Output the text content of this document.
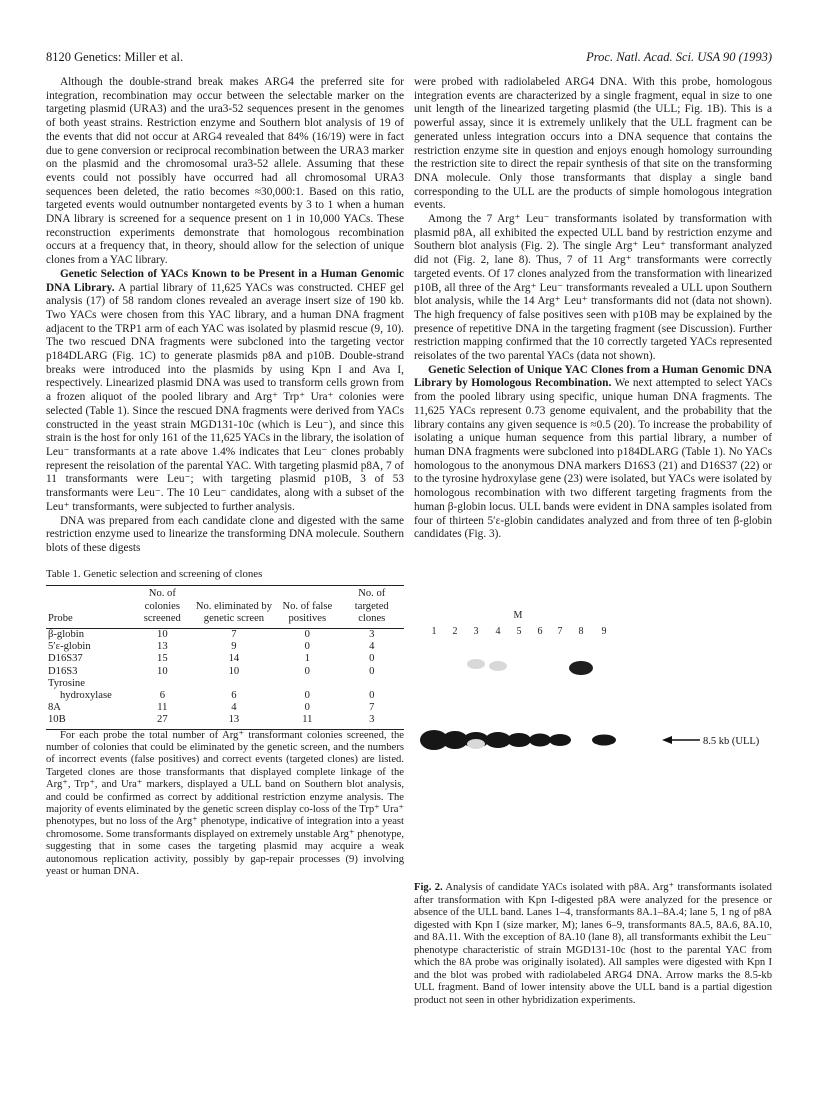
8120 Genetics: Miller et al.	Proc. Natl. Acad. Sci. USA 90 (1993)

Although the double-strand break makes ARG4 the preferred site for integration, recombination may occur between the selectable marker on the targeting plasmid (URA3) and the ura3-52 sequences present in the genomes of both yeast strains. Restriction enzyme and Southern blot analysis of 19 of the events that did not occur at ARG4 revealed that 84% (16/19) were in fact due to gene conversion or reciprocal recombination between the URA3 marker on the plasmid and the chromosomal ura3-52 allele. Assuming that these events could not possibly have occurred had all chromosomal URA3 sequences been deleted, the ratio becomes ≈30,000:1. Based on this ratio, targeted events would outnumber nontargeted events by 3 to 1 when a human DNA library is screened for a sequence present on 1 in 10,000 YACs. These reconstruction experiments demonstrate that homologous recombination occurs at a frequency that, in theory, should allow for the selection of unique clones from a YAC library.

Genetic Selection of YACs Known to be Present in a Human Genomic DNA Library. A partial library of 11,625 YACs was constructed. CHEF gel analysis (17) of 58 random clones revealed an average insert size of 190 kb. Two YACs were chosen from this YAC library, and a human DNA fragment adjacent to the TRP1 arm of each YAC was isolated by plasmid rescue (9, 10). The two rescued DNA fragments were subcloned into the targeting vector p184DLARG (Fig. 1C) to generate plasmids p8A and p10B. Double-strand breaks were introduced into the plasmids by using Kpn I and Ava I, respectively. Linearized plasmid DNA was used to transform cells grown from a frozen aliquot of the pooled library and Arg⁺ Trp⁺ Ura⁺ colonies were selected (Table 1). Since the rescued DNA fragments were derived from YACs constructed in the yeast strain MGD131-10c (which is Leu⁻), and since this strain is the host for only 161 of the 11,625 YACs in the library, the isolation of Leu⁻ transformants at a rate above 1.4% indicates that Leu⁻ clones probably represent the reisolation of the parental YAC. With targeting plasmid p8A, 7 of 11 transformants were Leu⁻; with targeting plasmid p10B, 3 of 53 transformants were Leu⁻. The 10 Leu⁻ candidates, along with a subset of the Leu⁺ transformants, were subjected to further analysis.

DNA was prepared from each candidate clone and digested with the same restriction enzyme used to linearize the transforming DNA molecule. Southern blots of these digests

Table 1. Genetic selection and screening of clones
Probe	No. of colonies screened	No. eliminated by genetic screen	No. of false positives	No. of targeted clones
β-globin	10	7	0	3
5′ε-globin	13	9	0	4
D16S37	15	14	1	0
D16S3	10	10	0	0
Tyrosine				
hydroxylase	6	6	0	0
8A	11	4	0	7
10B	27	13	11	3

For each probe the total number of Arg⁺ transformant colonies screened, the number of colonies that could be eliminated by the genetic screen, and the numbers of incorrect events (false positives) and correct events (targeted clones) are listed. Targeted clones are those transformants that displayed complete linkage of the Arg⁺, Trp⁺, and Ura⁺ markers, displayed a ULL band on Southern blot analysis, and could be confirmed as correct by additional restriction enzyme analysis. The majority of events eliminated by the genetic screen display co-loss of the Trp⁺ Ura⁺ phenotypes, but no loss of the Arg⁺ phenotype, indicative of integration into a yeast chromosome. Some transformants displayed on extremely unstable Arg⁺ phenotype, suggesting that in some cases the targeting plasmid may acquire a weak autonomous replication activity, possibly by gap-repair processes (9) involving yeast or human DNA.

were probed with radiolabeled ARG4 DNA. With this probe, homologous integration events are characterized by a single fragment, equal in size to one unit length of the linearized targeting plasmid (the ULL; Fig. 1B). This is a powerful assay, since it is extremely unlikely that the ULL fragment can be generated unless integration occurs into a DNA sequence that contains the restriction enzyme site in question and enjoys enough homology surrounding the restriction site to direct the repair synthesis of that site on the transforming DNA molecule. Only those transformants that display a single band corresponding to the ULL are the products of simple homologous integration events.

Among the 7 Arg⁺ Leu⁻ transformants isolated by transformation with plasmid p8A, all exhibited the expected ULL band by restriction enzyme and Southern blot analysis (Fig. 2). The single Arg⁺ Leu⁺ transformant analyzed did not (Fig. 2, lane 8). Thus, 7 of 11 Arg⁺ transformants were correctly targeted events. Of 17 clones analyzed from the transformation with linearized p10B, all three of the Arg⁺ Leu⁻ transformants revealed a ULL upon Southern blot analysis, while the 14 Arg⁺ Leu⁺ transformants did not (data not shown). The high frequency of false positives seen with p10B may be explained by the presence of repetitive DNA in the targeting fragment (see Discussion). Further restriction mapping confirmed that the 10 correctly targeted YACs represented reisolates of the two parental YACs (data not shown).

Genetic Selection of Unique YAC Clones from a Human Genomic DNA Library by Homologous Recombination. We next attempted to select YACs from the pooled library using specific, unique human DNA fragments. The 11,625 YACs represent 0.73 genome equivalent, and the probability that the library contains any given sequence is ≈0.5 (20). To increase the probability of isolating a unique human sequence from this partial library, a number of human DNA fragments were subcloned into p184DLARG (Table 1). No YACs homologous to the anonymous DNA markers D16S3 (21) and D16S37 (22) or to the tyrosine hydroxylase gene (23) were isolated, but YACs were isolated by homologous recombination with two different targeting fragments from the human β-globin locus. ULL bands were evident in DNA samples isolated from four of thirteen 5′ε-globin candidates analyzed and from three of ten β-globin candidates (Fig. 3).

1 2 3 4
M
5 6 7 8 9
8.5 kb (ULL)
Fig. 2. Analysis of candidate YACs isolated with p8A. Arg⁺ transformants isolated after transformation with Kpn I-digested p8A were analyzed for the presence or absence of the ULL band. Lanes 1–4, transformants 8A.1–8A.4; lane 5, 1 ng of p8A digested with Kpn I (size marker, M); lanes 6–9, transformants 8A.5, 8A.6, 8A.10, and 8A.11. With the exception of 8A.10 (lane 8), all transformants exhibit the Leu⁻ phenotype characteristic of strain MGD131-10c (host to the parental YAC from which the 8A probe was originally isolated). All samples were digested with Kpn I and the blot was probed with radiolabeled ARG4 DNA. Arrow marks the 8.5-kb ULL fragment. Band of lower intensity above the ULL band is a partial digestion product not seen in other hybridization experiments.
